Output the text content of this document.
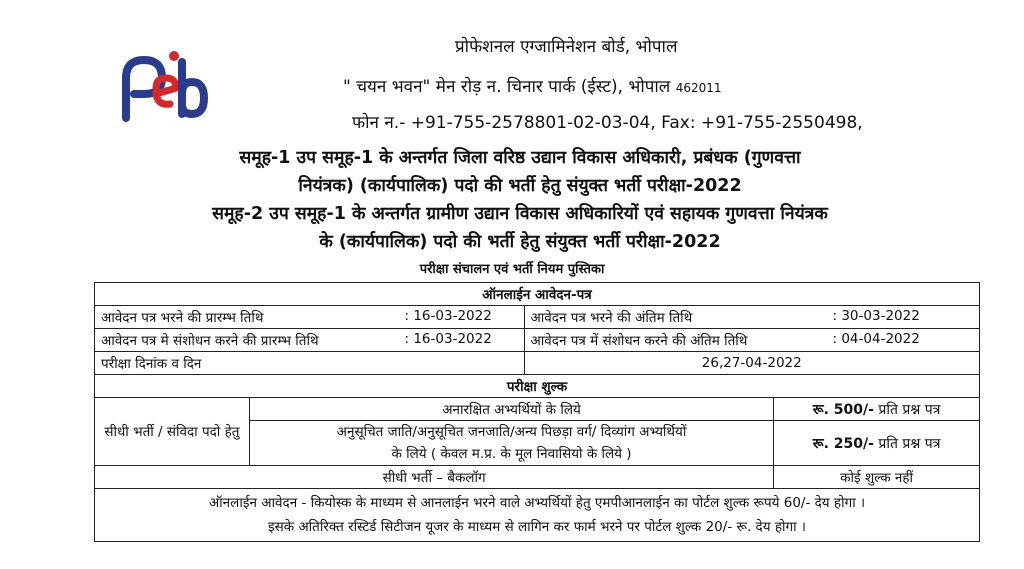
प्रोफेशनल एग्जामिनेशन बोर्ड, भोपाल
" चयन भवन" मेन रोड़ न. चिनार पार्क (ईस्ट), भोपाल 462011
फोन न.- +91-755-2578801-02-03-04, Fax: +91-755-2550498,
समूह-1 उप समूह-1 के अन्तर्गत जिला वरिष्ठ उद्यान विकास अधिकारी, प्रबंधक (गुणवत्ता
नियंत्रक) (कार्यपालिक) पदो की भर्ती हेतु संयुक्त भर्ती परीक्षा-2022
समूह-2 उप समूह-1 के अन्तर्गत ग्रामीण उद्यान विकास अधिकारियों एवं सहायक गुणवत्ता नियंत्रक
के (कार्यपालिक) पदो की भर्ती हेतु संयुक्त भर्ती परीक्षा-2022
परीक्षा संचालन एवं भर्ती नियम पुस्तिका
ऑनलाईन आवेदन-पत्र			
आवेदन पत्र भरने की प्रारम्भ तिथि : 16-03-2022		आवेदन पत्र भरने की अंतिम तिथि : 30-03-2022	

आवेदन पत्र मे संशोधन करने की प्रारम्भ तिथि : 16-03-2022		आवेदन पत्र में संशोधन करने की अंतिम तिथि : 04-04-2022	

परीक्षा दिनांक व दिन		26,27-04-2022	
परीक्षा शुल्क			
सीधी भर्ती / संविदा पदो हेतु	अनारक्षित अभ्यर्थियों के लिये		रू. 500/- प्रति प्रश्न पत्र

	अनुसूचित जाति/अनुसूचित जनजाति/अन्य पिछड़ा वर्ग/ दिव्यांग अभ्यर्थियों
के लिये ( केवल म.प्र. के मूल निवासियो के लिये )		रू. 250/- प्रति प्रश्न पत्र
सीधी भर्ती – बैकलॉग			कोई शुल्क नहीं

ऑनलाईन आवेदन - कियोस्क के माध्यम से आनलाईन भरने वाले अभ्यर्थियों हेतु एमपीआनलाईन का पोर्टल शुल्क रूपये 60/- देय होगा ।
इसके अतिरिक्त रस्टिर्ड सिटीजन यूजर के माध्यम से लागिन कर फार्म भरने पर पोर्टल शुल्क 20/- रू. देय होगा ।			
